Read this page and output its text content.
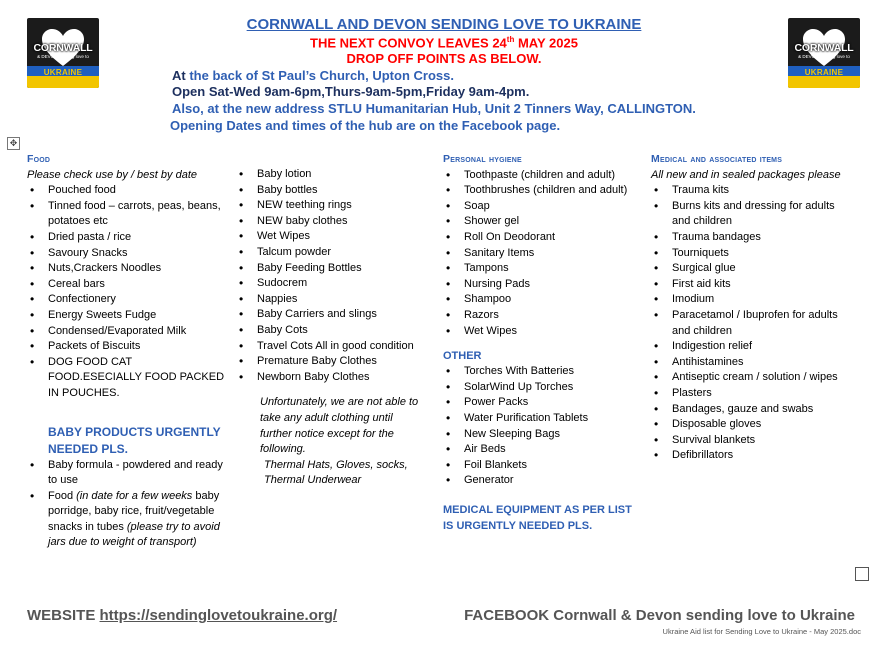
CORNWALL
& DEVON sending love to
UKRAINE
CORNWALL
& DEVON sending love to
UKRAINE
CORNWALL AND DEVON SENDING LOVE TO UKRAINE
THE NEXT CONVOY LEAVES 24th MAY 2025
DROP OFF POINTS AS BELOW.
At the back of St Paul’s Church, Upton Cross.
Open Sat-Wed 9am-6pm,Thurs-9am-5pm,Friday 9am-4pm.
Also, at the new address STLU Humanitarian Hub, Unit 2 Tinners Way, CALLINGTON.
Opening Dates and times of the hub are on the Facebook page.
✥
Food
Please check use by / best by date
• Pouched food
• Tinned food – carrots, peas, beans, potatoes etc
• Dried pasta / rice
• Savoury Snacks
• Nuts,Crackers Noodles
• Cereal bars
• Confectionery
• Energy Sweets Fudge
• Condensed/Evaporated Milk
• Packets of Biscuits
• DOG FOOD CAT FOOD.ESECIALLY FOOD PACKED IN POUCHES.
BABY PRODUCTS URGENTLY NEEDED PLS.
• Baby formula - powdered and ready to use
• Food (in date for a few weeks baby porridge, baby rice, fruit/vegetable snacks in tubes (please try to avoid jars due to weight of transport)
• Baby lotion
• Baby bottles
• NEW teething rings
• NEW baby clothes
• Wet Wipes
• Talcum powder
• Baby Feeding Bottles
• Sudocrem
• Nappies
• Baby Carriers and slings
• Baby Cots
• Travel Cots All in good condition
• Premature Baby Clothes
• Newborn Baby Clothes
Unfortunately, we are not able to take any adult clothing until further notice except for the following.
Thermal Hats, Gloves, socks, Thermal Underwear
Personal hygiene
• Toothpaste (children and adult)
• Toothbrushes (children and adult)
• Soap
• Shower gel
• Roll On Deodorant
• Sanitary Items
• Tampons
• Nursing Pads
• Shampoo
• Razors
• Wet Wipes
OTHER
• Torches With Batteries
• SolarWind Up Torches
• Power Packs
• Water Purification Tablets
• New Sleeping Bags
• Air Beds
• Foil Blankets
• Generator
MEDICAL EQUIPMENT AS PER LIST IS URGENTLY NEEDED PLS.
Medical and associated items
All new and in sealed packages please
• Trauma kits
• Burns kits and dressing for adults and children
• Trauma bandages
• Tourniquets
• Surgical glue
• First aid kits
• Imodium
• Paracetamol / Ibuprofen for adults and children
• Indigestion relief
• Antihistamines
• Antiseptic cream / solution / wipes
• Plasters
• Bandages, gauze and swabs
• Disposable gloves
• Survival blankets
• Defibrillators
WEBSITE https://sendinglovetoukraine.org/	FACEBOOK Cornwall & Devon sending love to Ukraine
Ukraine Aid list for Sending Love to Ukraine - May 2025.doc
